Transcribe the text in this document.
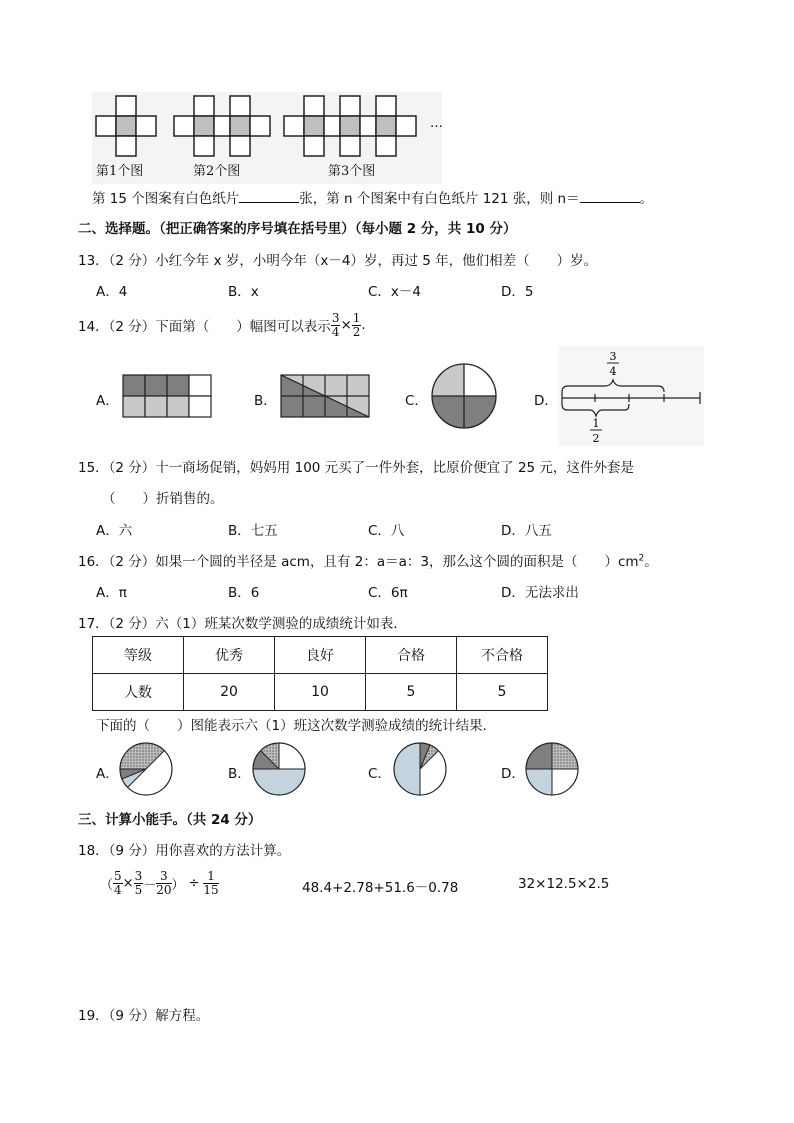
…
第1个图	第2个图	第3个图
第 15 个图案有白色纸片	张，第 n 个图案中有白色纸片 121 张，则 n＝	。
二、选择题。（把正确答案的序号填在括号里）（每小题 2 分，共 10 分）
13．（2 分）小红今年 x 岁，小明今年（x－4）岁，再过 5 年，他们相差（　　）岁。
A．4	B．x	C．x－4	D．5
14．（2 分）下面第（　　）幅图可以表示 $\frac{3}{4} \times \frac{1}{2}$ .
A．	B．	C．	D．
3
4
1
2
15．（2 分）十一商场促销，妈妈用 100 元买了一件外套，比原价便宜了 25 元，这件外套是
（　　）折销售的。
A．六	B．七五	C．八	D．八五
16．（2 分）如果一个圆的半径是 acm，且有 2：a＝a：3，那么这个圆的面积是（　　）$cm^2$。
A．π	B．6	C．6π	D．无法求出
17．（2 分）六（1）班某次数学测验的成绩统计如表．
等级	优秀	良好	合格	不合格
人数	20	10	5	5
下面的（　　）图能表示六（1）班这次数学测验成绩的统计结果．
A．	B．	C．	D．
三、计算小能手。（共 24 分）
18．（9 分）用你喜欢的方法计算。
（ $\frac{5}{4} \times \frac{3}{5} - \frac{3}{20}$ ） ÷ $\frac{1}{15}$	48.4+2.78+51.6－0.78	32×12.5×2.5
19．（9 分）解方程。
